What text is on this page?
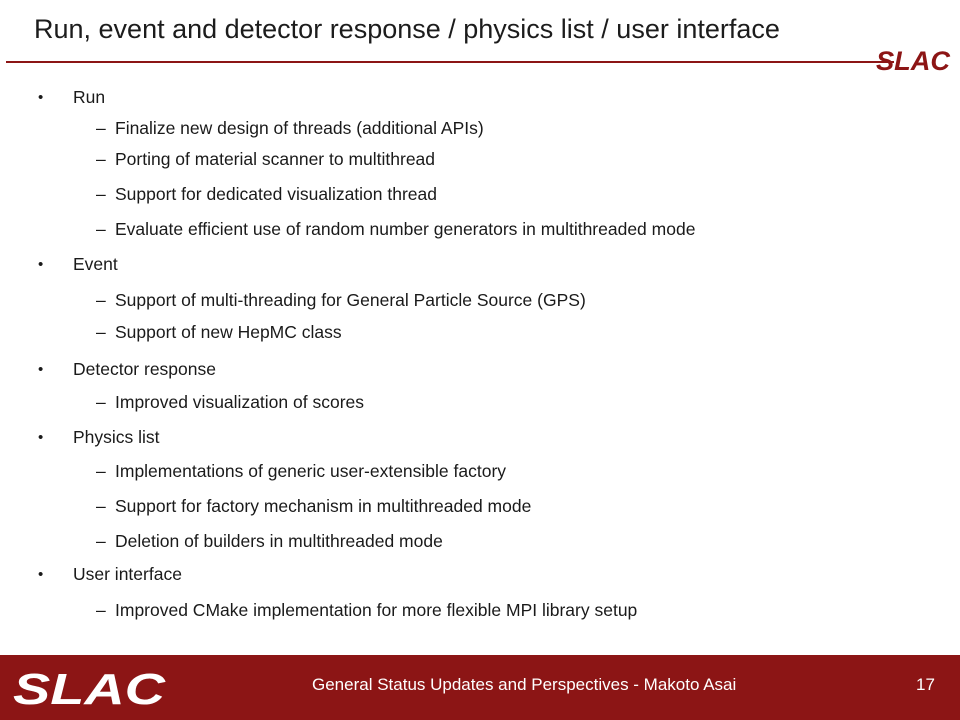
Run, event and detector response / physics list / user interface
SLAC
• Run
– Finalize new design of threads (additional APIs)
– Porting of material scanner to multithread
– Support for dedicated visualization thread
– Evaluate efficient use of random number generators in multithreaded mode
• Event
– Support of multi-threading for General Particle Source (GPS)
– Support of new HepMC class
• Detector response
– Improved visualization of scores
• Physics list
– Implementations of generic user-extensible factory
– Support for factory mechanism in multithreaded mode
– Deletion of builders in multithreaded mode
• User interface
– Improved CMake implementation for more flexible MPI library setup
SLAC	General Status Updates and Perspectives - Makoto Asai	17
